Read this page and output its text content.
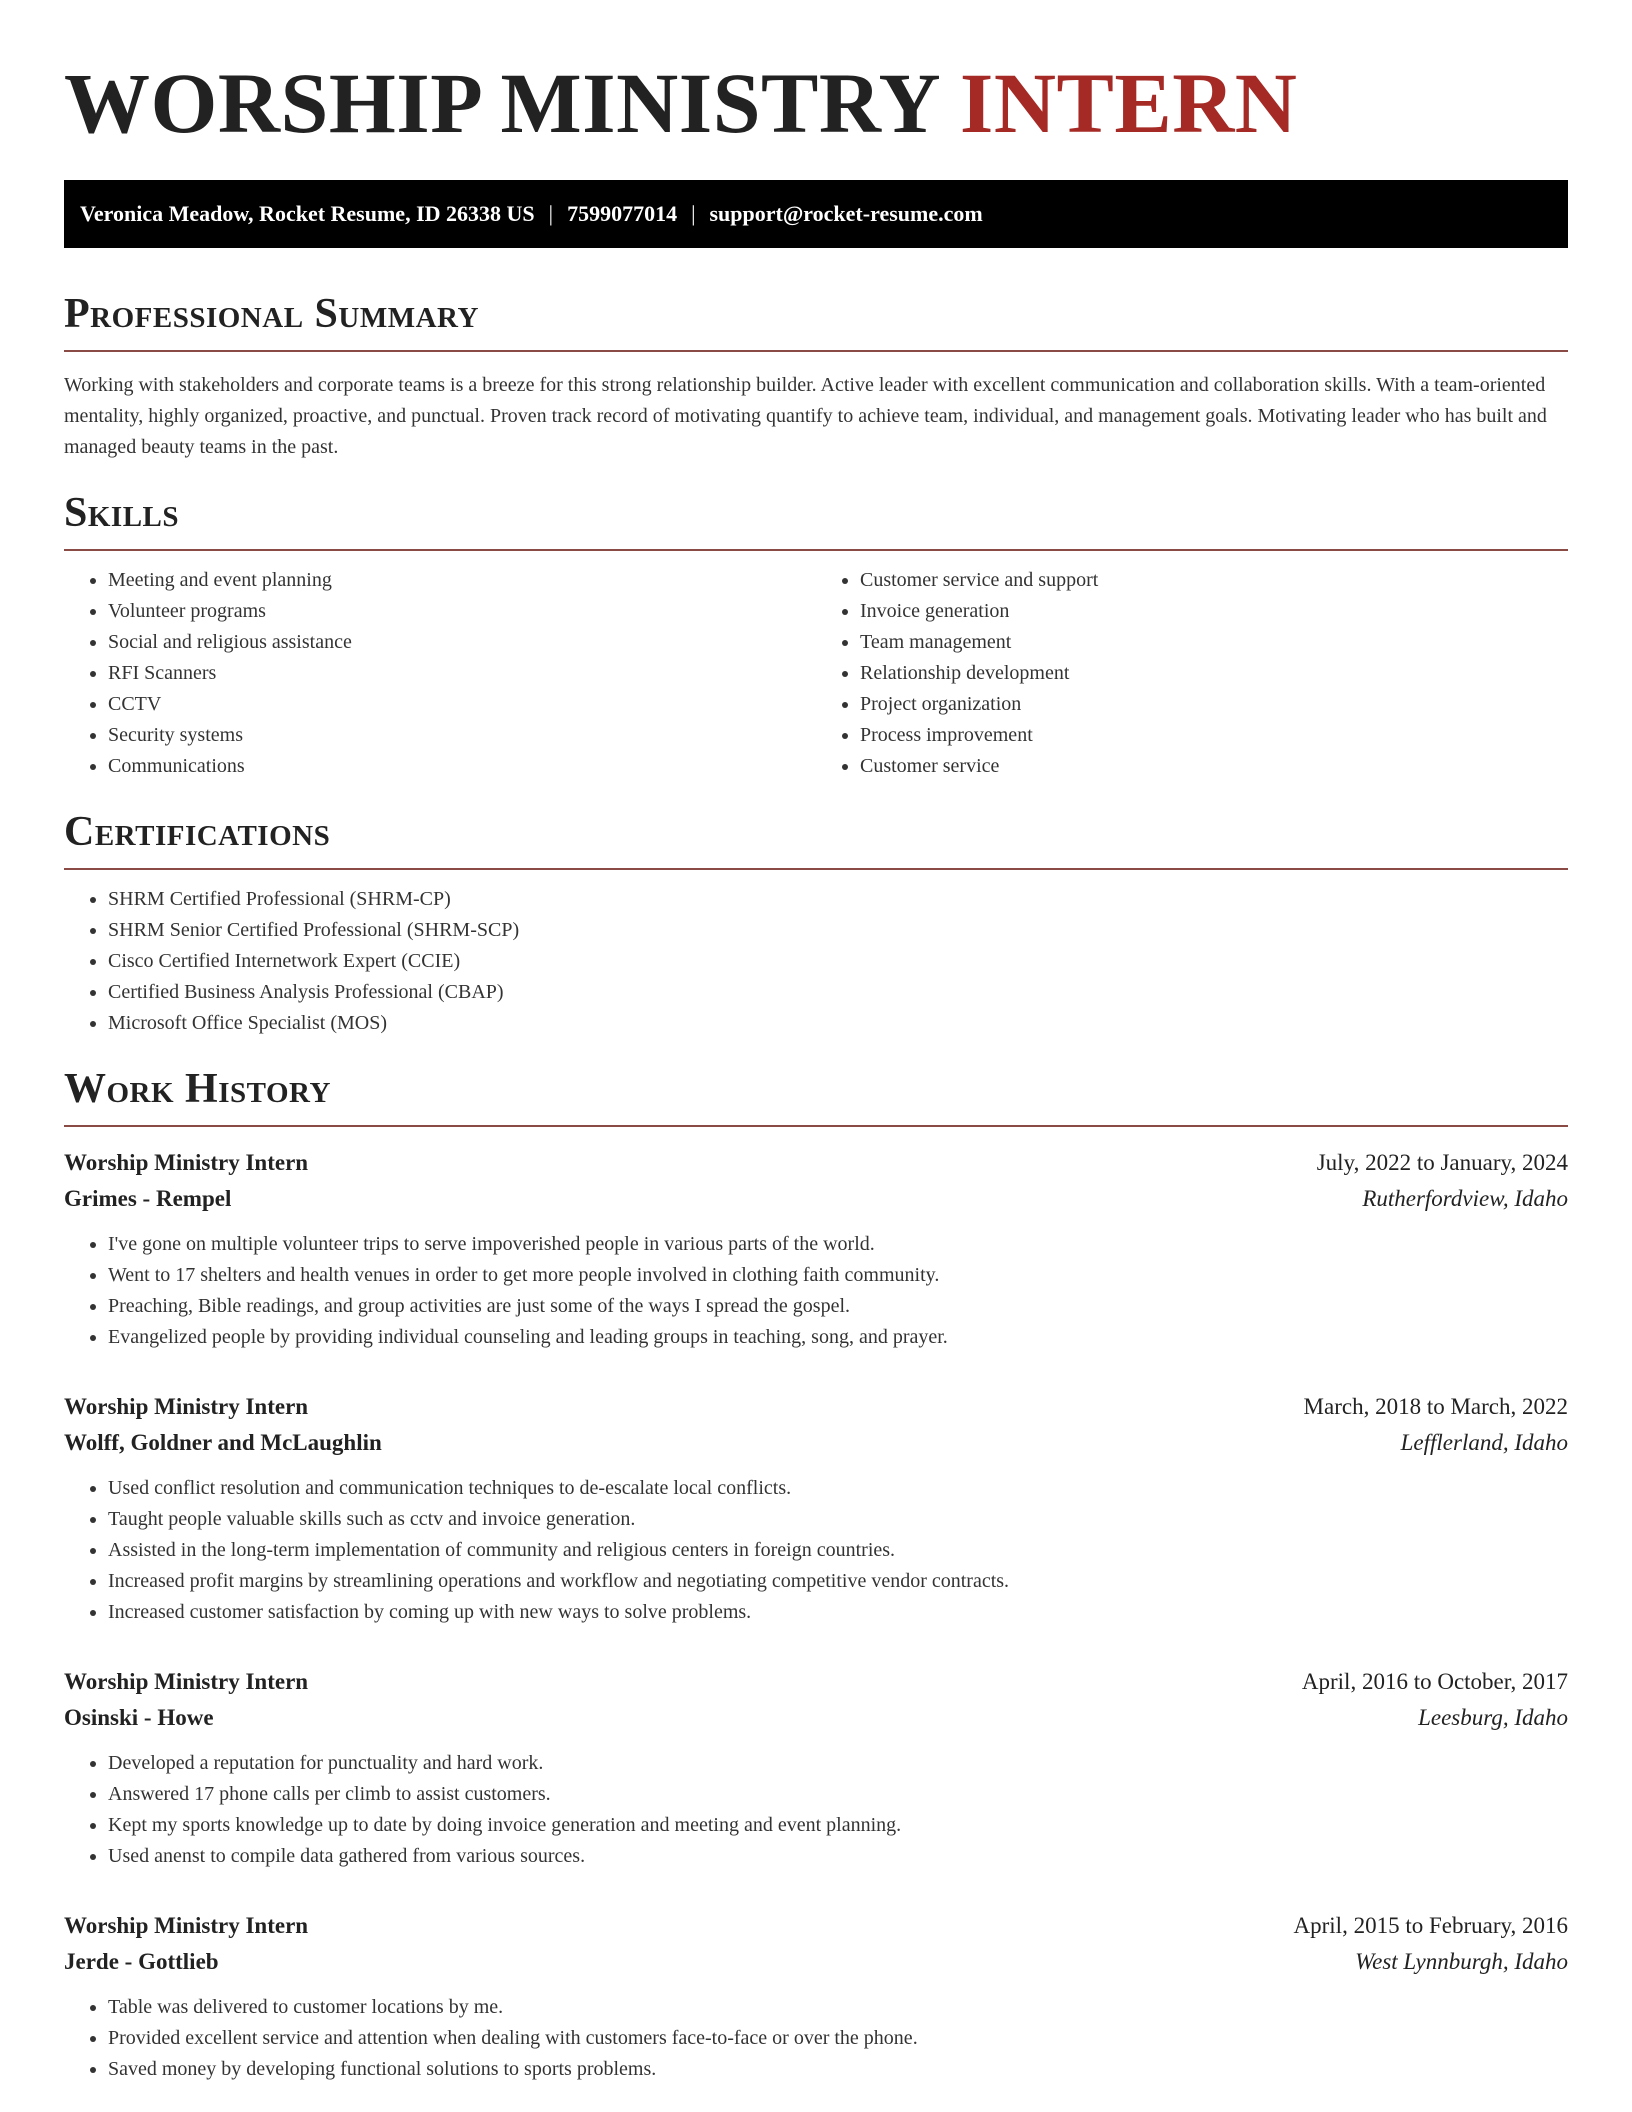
WORSHIP MINISTRY INTERN
Veronica Meadow, Rocket Resume, ID 26338 US | 7599077014 | support@rocket-resume.com
Professional Summary

Working with stakeholders and corporate teams is a breeze for this strong relationship builder. Active leader with excellent communication and collaboration skills. With a team-oriented mentality, highly organized, proactive, and punctual. Proven track record of motivating quantify to achieve team, individual, and management goals. Motivating leader who has built and managed beauty teams in the past.

Skills
• Meeting and event planning
• Volunteer programs
• Social and religious assistance
• RFI Scanners
• CCTV
• Security systems
• Communications
• Customer service and support
• Invoice generation
• Team management
• Relationship development
• Project organization
• Process improvement
• Customer service
Certifications
• SHRM Certified Professional (SHRM-CP)
• SHRM Senior Certified Professional (SHRM-SCP)
• Cisco Certified Internetwork Expert (CCIE)
• Certified Business Analysis Professional (CBAP)
• Microsoft Office Specialist (MOS)
Work History
Worship Ministry Intern	July, 2022 to January, 2024
Grimes - Rempel	Rutherfordview, Idaho
• I've gone on multiple volunteer trips to serve impoverished people in various parts of the world.
• Went to 17 shelters and health venues in order to get more people involved in clothing faith community.
• Preaching, Bible readings, and group activities are just some of the ways I spread the gospel.
• Evangelized people by providing individual counseling and leading groups in teaching, song, and prayer.
Worship Ministry Intern	March, 2018 to March, 2022
Wolff, Goldner and McLaughlin	Lefflerland, Idaho
• Used conflict resolution and communication techniques to de-escalate local conflicts.
• Taught people valuable skills such as cctv and invoice generation.
• Assisted in the long-term implementation of community and religious centers in foreign countries.
• Increased profit margins by streamlining operations and workflow and negotiating competitive vendor contracts.
• Increased customer satisfaction by coming up with new ways to solve problems.
Worship Ministry Intern	April, 2016 to October, 2017
Osinski - Howe	Leesburg, Idaho
• Developed a reputation for punctuality and hard work.
• Answered 17 phone calls per climb to assist customers.
• Kept my sports knowledge up to date by doing invoice generation and meeting and event planning.
• Used anenst to compile data gathered from various sources.
Worship Ministry Intern	April, 2015 to February, 2016
Jerde - Gottlieb	West Lynnburgh, Idaho
• Table was delivered to customer locations by me.
• Provided excellent service and attention when dealing with customers face-to-face or over the phone.
• Saved money by developing functional solutions to sports problems.
